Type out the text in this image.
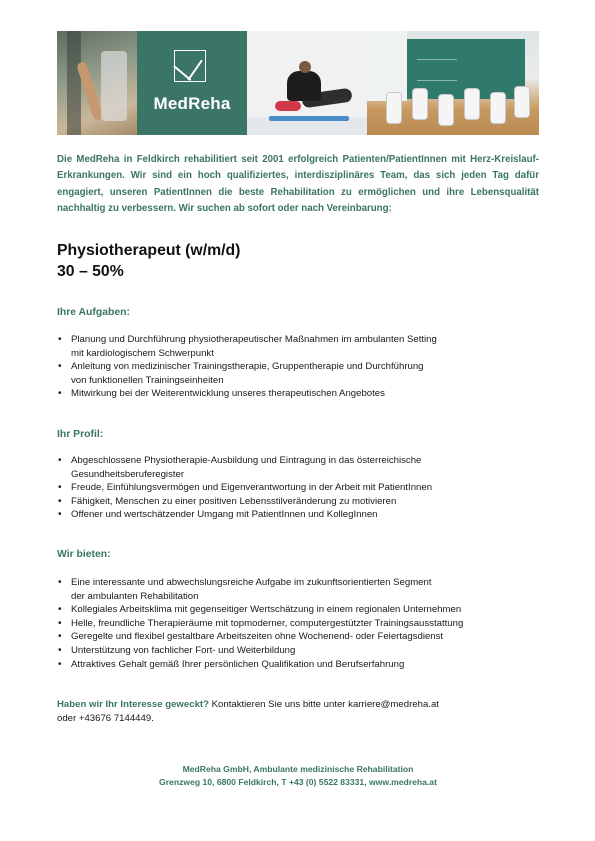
MedReha

Die MedReha in Feldkirch rehabilitiert seit 2001 erfolgreich Patienten/PatientInnen mit Herz-Kreislauf-Erkrankungen. Wir sind ein hoch qualifiziertes, interdisziplinäres Team, das sich jeden Tag dafür engagiert, unseren PatientInnen die beste Rehabilitation zu ermöglichen und ihre Lebensqualität nachhaltig zu verbessern. Wir suchen ab sofort oder nach Vereinbarung:

Physiotherapeut (w/m/d)
30 – 50%
Ihre Aufgaben:
• Planung und Durchführung physiotherapeutischer Maßnahmen im ambulanten Setting
mit kardiologischem Schwerpunkt
• Anleitung von medizinischer Trainingstherapie, Gruppentherapie und Durchführung
von funktionellen Trainingseinheiten
• Mitwirkung bei der Weiterentwicklung unseres therapeutischen Angebotes
Ihr Profil:
• Abgeschlossene Physiotherapie-Ausbildung und Eintragung in das österreichische
Gesundheitsberuferegister
• Freude, Einfühlungsvermögen und Eigenverantwortung in der Arbeit mit PatientInnen
• Fähigkeit, Menschen zu einer positiven Lebensstilveränderung zu motivieren
• Offener und wertschätzender Umgang mit PatientInnen und KollegInnen
Wir bieten:
• Eine interessante und abwechslungsreiche Aufgabe im zukunftsorientierten Segment
der ambulanten Rehabilitation
• Kollegiales Arbeitsklima mit gegenseitiger Wertschätzung in einem regionalen Unternehmen
• Helle, freundliche Therapieräume mit topmoderner, computergestützter Trainingsausstattung
• Geregelte und flexibel gestaltbare Arbeitszeiten ohne Wochenend- oder Feiertagsdienst
• Unterstützung von fachlicher Fort- und Weiterbildung
• Attraktives Gehalt gemäß Ihrer persönlichen Qualifikation und Berufserfahrung

Haben wir Ihr Interesse geweckt? Kontaktieren Sie uns bitte unter karriere@medreha.at
oder +43676 7144449.

MedReha GmbH, Ambulante medizinische Rehabilitation

Grenzweg 10, 6800 Feldkirch, T +43 (0) 5522 83331, www.medreha.at
